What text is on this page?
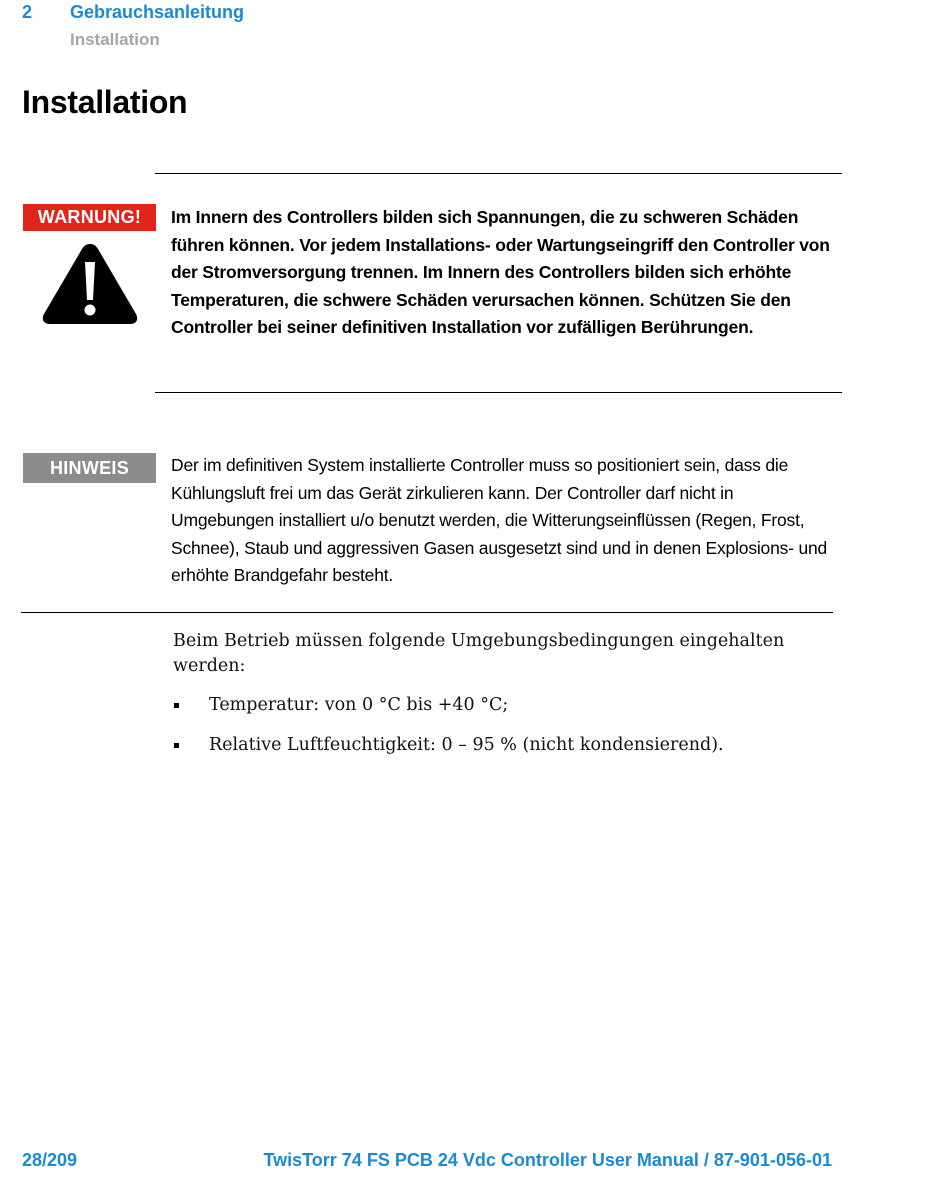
2 Gebrauchsanleitung
Installation
Installation
WARNUNG!	Im Innern des Controllers bilden sich Spannungen, die zu schweren Schäden führen können. Vor jedem Installations- oder Wartungseingriff den Controller von der Stromversorgung trennen. Im Innern des Controllers bilden sich erhöhte Temperaturen, die schwere Schäden verursachen können. Schützen Sie den Controller bei seiner definitiven Installation vor zufälligen Berührungen.
HINWEIS	Der im definitiven System installierte Controller muss so positioniert sein, dass die Kühlungsluft frei um das Gerät zirkulieren kann. Der Controller darf nicht in Umgebungen installiert u/o benutzt werden, die Witterungseinflüssen (Regen, Frost, Schnee), Staub und aggressiven Gasen ausgesetzt sind und in denen Explosions- und erhöhte Brandgefahr besteht.
Beim Betrieb müssen folgende Umgebungsbedingungen eingehalten werden:
Temperatur: von 0 °C bis +40 °C;
Relative Luftfeuchtigkeit: 0 – 95 % (nicht kondensierend).
28/209	TwisTorr 74 FS PCB 24 Vdc Controller User Manual / 87-901-056-01
